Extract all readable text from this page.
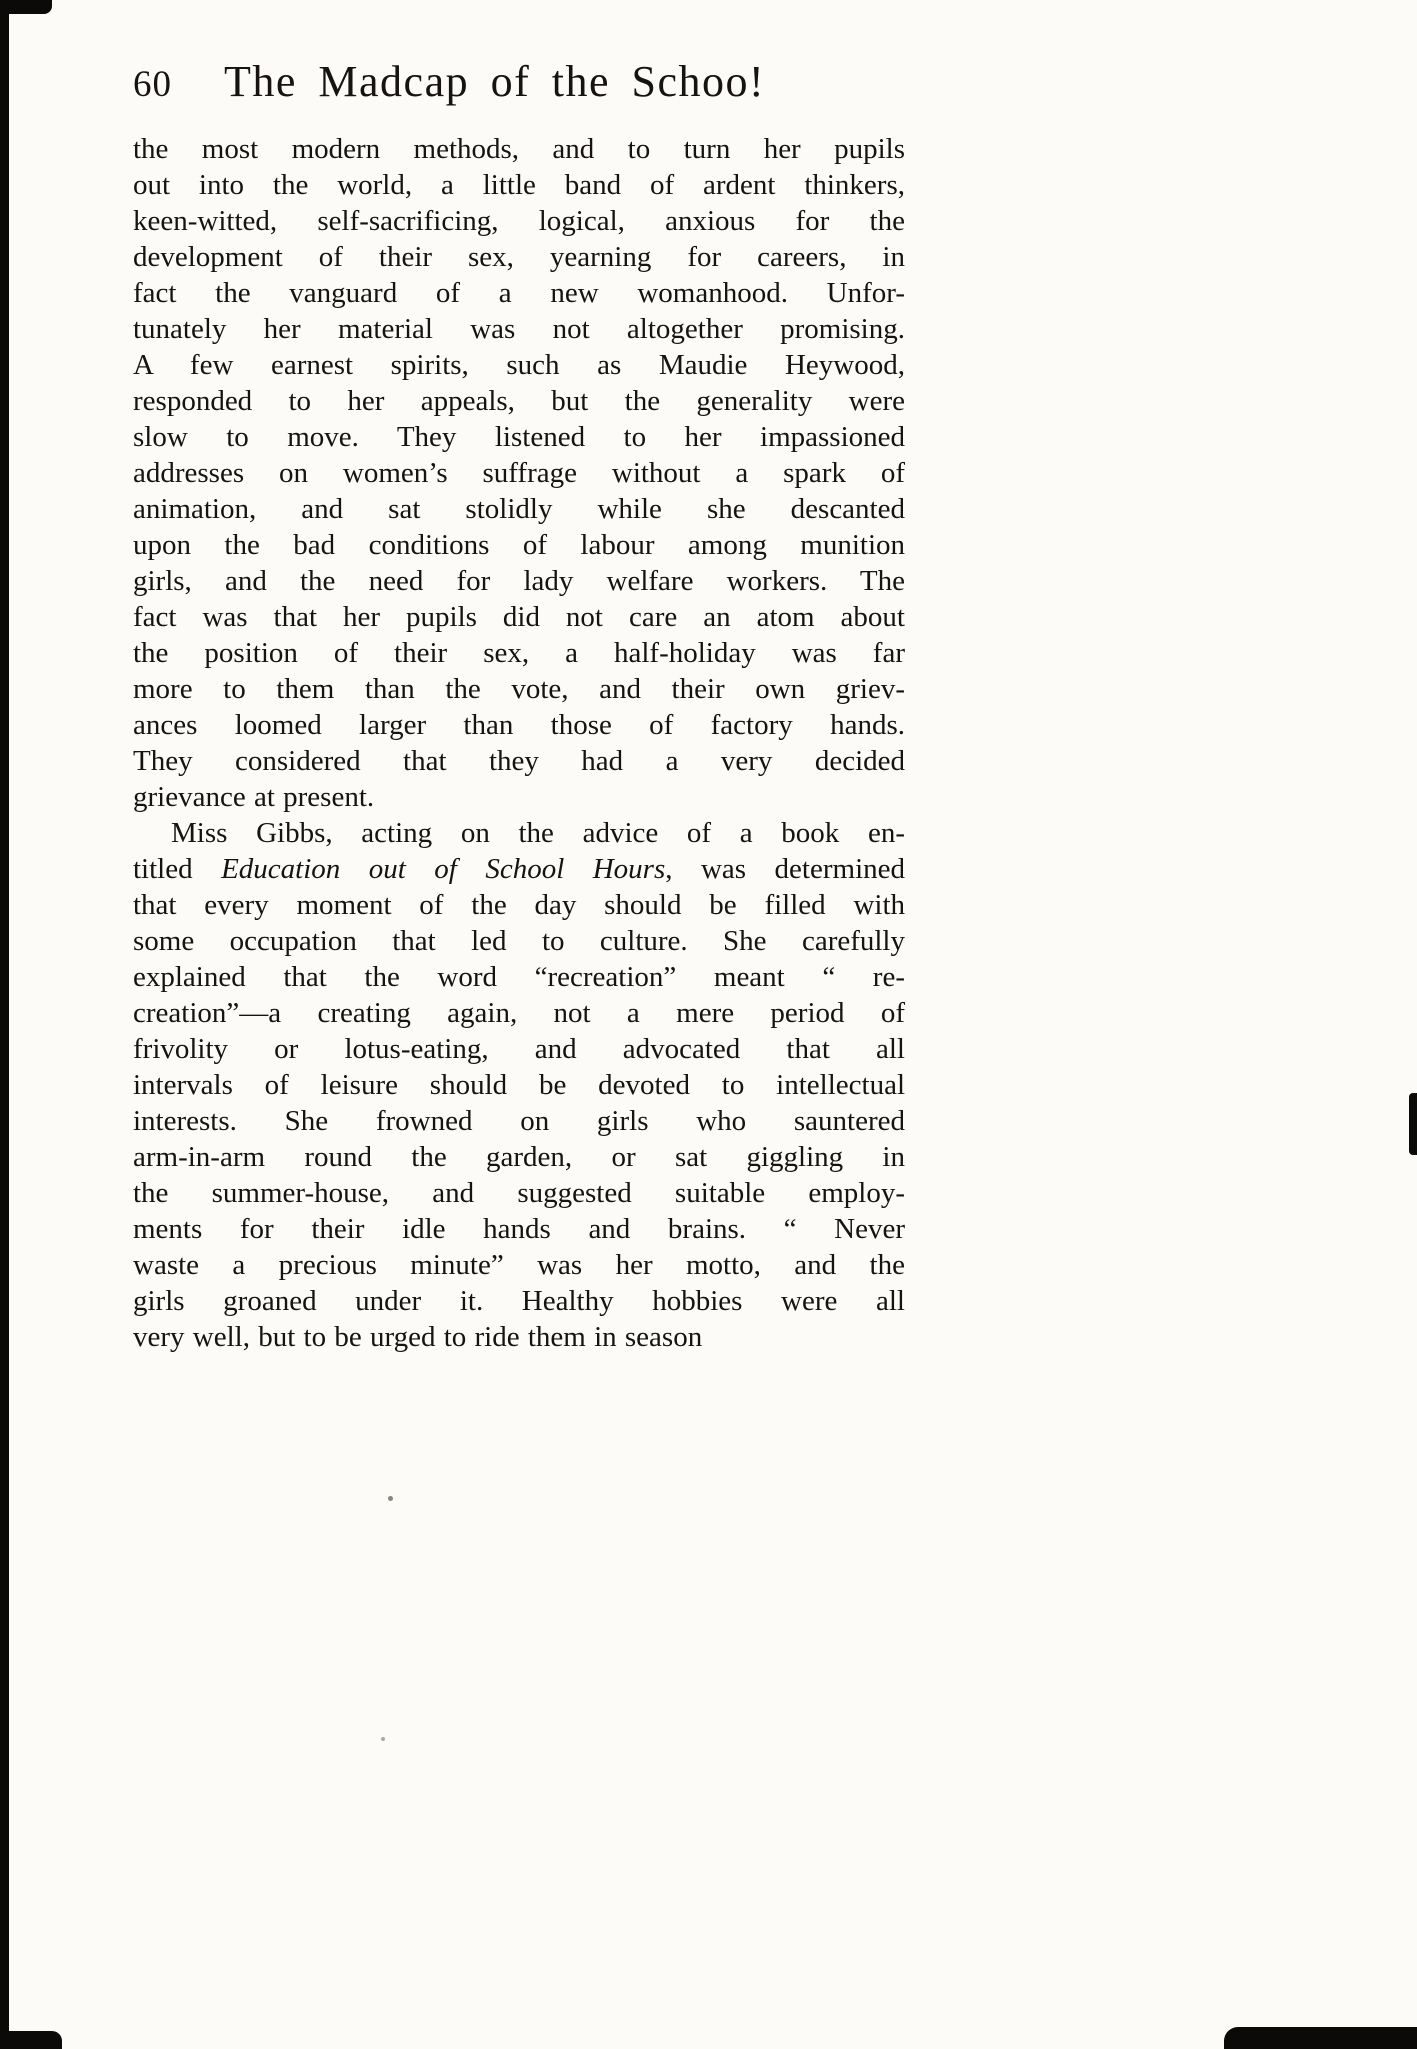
60 The Madcap of the Schoo!
the most modern methods, and to turn her pupils
out into the world, a little band of ardent thinkers,
keen-witted, self-sacrificing, logical, anxious for the
development of their sex, yearning for careers, in
fact the vanguard of a new womanhood. Unfor-
tunately her material was not altogether promising.
A few earnest spirits, such as Maudie Heywood,
responded to her appeals, but the generality were
slow to move. They listened to her impassioned
addresses on women’s suffrage without a spark of
animation, and sat stolidly while she descanted
upon the bad conditions of labour among munition
girls, and the need for lady welfare workers. The
fact was that her pupils did not care an atom about
the position of their sex, a half-holiday was far
more to them than the vote, and their own griev-
ances loomed larger than those of factory hands.
They considered that they had a very decided
grievance at present.
Miss Gibbs, acting on the advice of a book en-
titled Education out of School Hours, was determined
that every moment of the day should be filled with
some occupation that led to culture. She carefully
explained that the word “recreation” meant “ re-
creation”—a creating again, not a mere period of
frivolity or lotus-eating, and advocated that all
intervals of leisure should be devoted to intellectual
interests. She frowned on girls who sauntered
arm-in-arm round the garden, or sat giggling in
the summer-house, and suggested suitable employ-
ments for their idle hands and brains. “ Never
waste a precious minute” was her motto, and the
girls groaned under it. Healthy hobbies were all
very well, but to be urged to ride them in season
